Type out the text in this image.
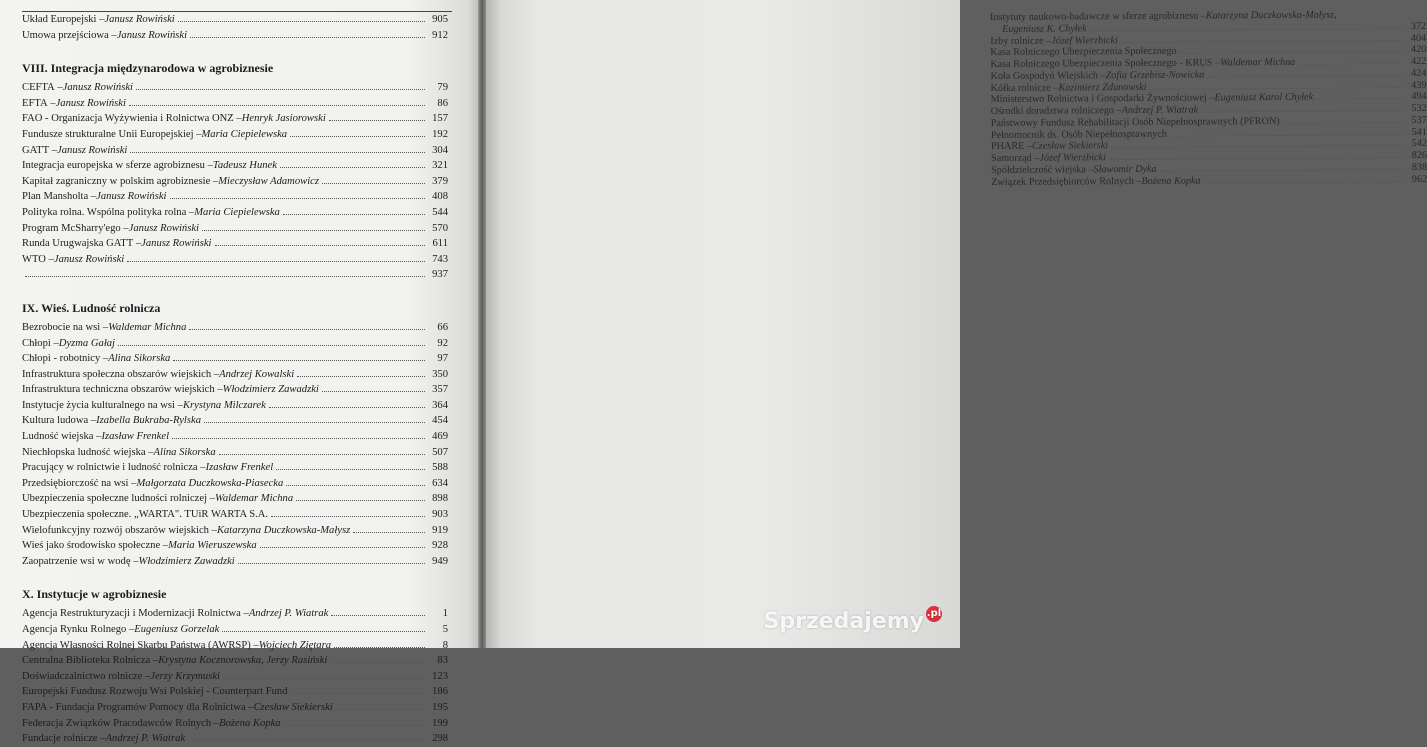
Układ Europejski – Janusz Rowiński	905
Umowa przejściowa – Janusz Rowiński	912
VIII. Integracja międzynarodowa w agrobiznesie
CEFTA – Janusz Rowiński	79
EFTA – Janusz Rowiński	86
FAO - Organizacja Wyżywienia i Rolnictwa ONZ – Henryk Jasiorowski	157
Fundusze strukturalne Unii Europejskiej – Maria Ciepielewska	192
GATT – Janusz Rowiński	304
Integracja europejska w sferze agrobiznesu – Tadeusz Hunek	321
Kapitał zagraniczny w polskim agrobiznesie – Mieczysław Adamowicz	379
Plan Mansholta – Janusz Rowiński	408
Polityka rolna. Wspólna polityka rolna – Maria Ciepielewska	544
Program McSharry'ego – Janusz Rowiński	570
Runda Urugwajska GATT – Janusz Rowiński	611
WTO – Janusz Rowiński	743
937
IX. Wieś. Ludność rolnicza
Bezrobocie na wsi – Waldemar Michna	66
Chłopi – Dyzma Gałaj	92
Chłopi - robotnicy – Alina Sikorska	97
Infrastruktura społeczna obszarów wiejskich – Andrzej Kowalski	350
Infrastruktura techniczna obszarów wiejskich – Włodzimierz Zawadzki	357
Instytucje życia kulturalnego na wsi – Krystyna Milczarek	364
Kultura ludowa – Izabella Bukraba-Rylska	454
Ludność wiejska – Izasław Frenkel	469
Niechłopska ludność wiejska – Alina Sikorska	507
Pracujący w rolnictwie i ludność rolnicza – Izasław Frenkel	588
Przedsiębiorczość na wsi – Małgorzata Duczkowska-Piasecka	634
Ubezpieczenia społeczne ludności rolniczej – Waldemar Michna	898
Ubezpieczenia społeczne. „WARTA". TUiR WARTA S.A.	903
Wielofunkcyjny rozwój obszarów wiejskich – Katarzyna Duczkowska-Małysz	919
Wieś jako środowisko społeczne – Maria Wieruszewska	928
Zaopatrzenie wsi w wodę – Włodzimierz Zawadzki	949
X. Instytucje w agrobiznesie
Agencja Restrukturyzacji i Modernizacji Rolnictwa – Andrzej P. Wiatrak	1
Agencja Rynku Rolnego – Eugeniusz Gorzelak	5
Agencja Własności Rolnej Skarbu Państwa (AWRSP) – Wojciech Ziętara	8
Centralna Biblioteka Rolnicza – Krystyna Kocznorowska, Jerzy Rasiński	83
Doświadczalnictwo rolnicze – Jerzy Krzymuski	123
Europejski Fundusz Rozwoju Wsi Polskiej - Counterpart Fund	186
FAPA - Fundacja Programów Pomocy dla Rolnictwa – Czesław Siekierski	195
Federacja Związków Pracodawców Rolnych – Bożena Kopka	199
Fundacje rolnicze – Andrzej P. Wiatrak	298
Instytuty naukowo-badawcze w sferze agrobiznesu – Katarzyna Duczkowska-Małysz,
Eugeniusz K. Chyłek	372
Izby rolnicze – Józef Wierzbicki	404
Kasa Rolniczego Ubezpieczenia Społecznego	420
Kasa Rolniczego Ubezpieczenia Społecznego - KRUS – Waldemar Michna	422
Koła Gospodyń Wiejskich – Zofia Grzebisz-Nowicka	424
Kółka rolnicze – Kazimierz Zdunowski	439
Ministerstwo Rolnictwa i Gospodarki Żywnościowej – Eugeniusz Karol Chyłek	494
Ośrodki doradztwa rolniczego – Andrzej P. Wiatrak	532
Państwowy Fundusz Rehabilitacji Osób Niepełnosprawnych (PFRON)	537
Pełnomocnik ds. Osób Niepełnosprawnych	541
PHARE – Czesław Siekierski	542
Samorząd – Józef Wierzbicki	826
Spółdzielczość wiejska – Sławomir Dyka	838
Związek Przedsiębiorców Rolnych – Bożena Kopka	962
Sprzedajemy .pl
